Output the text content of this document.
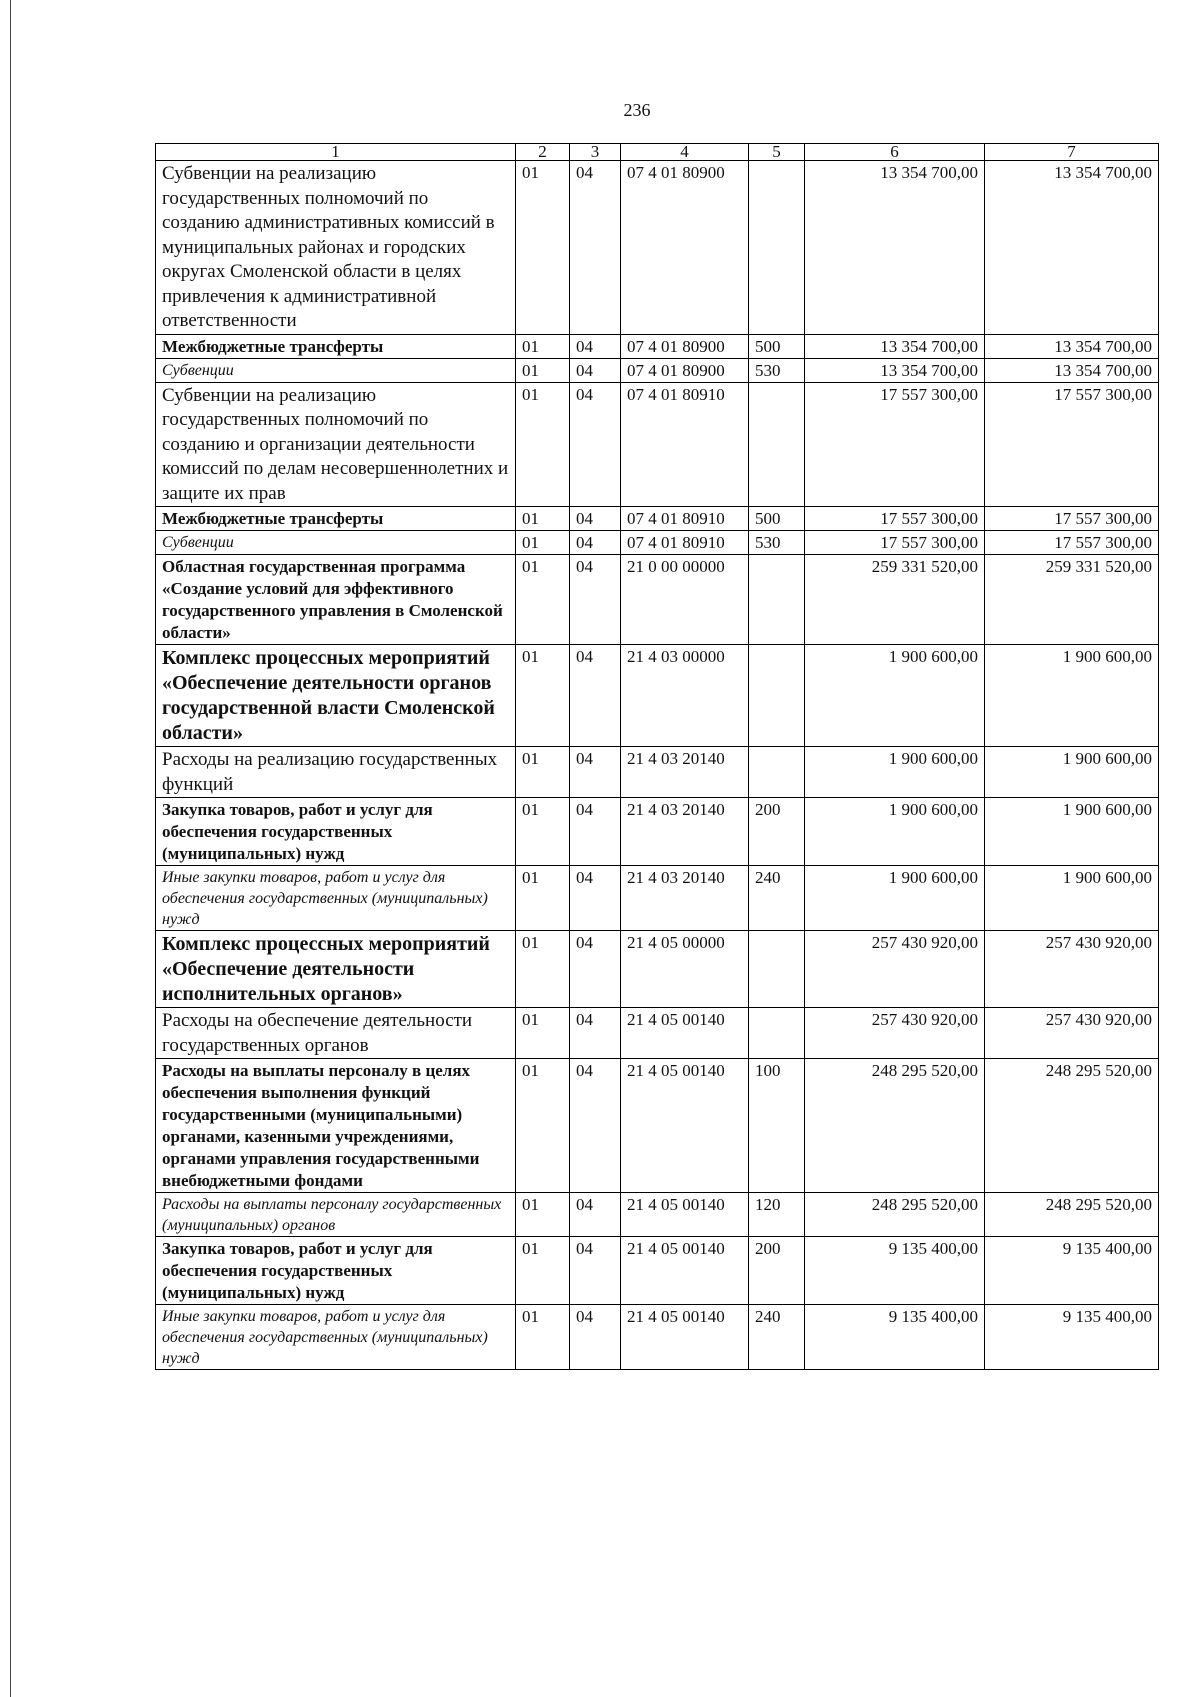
236
1	2	3	4	5	6	7
Субвенции на реализацию государственных полномочий по созданию административных комиссий в муниципальных районах и городских округах Смоленской области в целях привлечения к административной ответственности	01	04	07 4 01 80900		13 354 700,00	13 354 700,00
Межбюджетные трансферты	01	04	07 4 01 80900	500	13 354 700,00	13 354 700,00
Субвенции	01	04	07 4 01 80900	530	13 354 700,00	13 354 700,00
Субвенции на реализацию государственных полномочий по созданию и организации деятельности комиссий по делам несовершеннолетних и защите их прав	01	04	07 4 01 80910		17 557 300,00	17 557 300,00
Межбюджетные трансферты	01	04	07 4 01 80910	500	17 557 300,00	17 557 300,00
Субвенции	01	04	07 4 01 80910	530	17 557 300,00	17 557 300,00
Областная государственная программа «Создание условий для эффективного государственного управления в Смоленской области»	01	04	21 0 00 00000		259 331 520,00	259 331 520,00
Комплекс процессных мероприятий «Обеспечение деятельности органов государственной власти Смоленской области»	01	04	21 4 03 00000		1 900 600,00	1 900 600,00
Расходы на реализацию государственных функций	01	04	21 4 03 20140		1 900 600,00	1 900 600,00
Закупка товаров, работ и услуг для обеспечения государственных (муниципальных) нужд	01	04	21 4 03 20140	200	1 900 600,00	1 900 600,00
Иные закупки товаров, работ и услуг для обеспечения государственных (муниципальных) нужд	01	04	21 4 03 20140	240	1 900 600,00	1 900 600,00
Комплекс процессных мероприятий «Обеспечение деятельности исполнительных органов»	01	04	21 4 05 00000		257 430 920,00	257 430 920,00
Расходы на обеспечение деятельности государственных органов	01	04	21 4 05 00140		257 430 920,00	257 430 920,00
Расходы на выплаты персоналу в целях обеспечения выполнения функций государственными (муниципальными) органами, казенными учреждениями, органами управления государственными внебюджетными фондами	01	04	21 4 05 00140	100	248 295 520,00	248 295 520,00
Расходы на выплаты персоналу государственных (муниципальных) органов	01	04	21 4 05 00140	120	248 295 520,00	248 295 520,00
Закупка товаров, работ и услуг для обеспечения государственных (муниципальных) нужд	01	04	21 4 05 00140	200	9 135 400,00	9 135 400,00
Иные закупки товаров, работ и услуг для обеспечения государственных (муниципальных) нужд	01	04	21 4 05 00140	240	9 135 400,00	9 135 400,00
